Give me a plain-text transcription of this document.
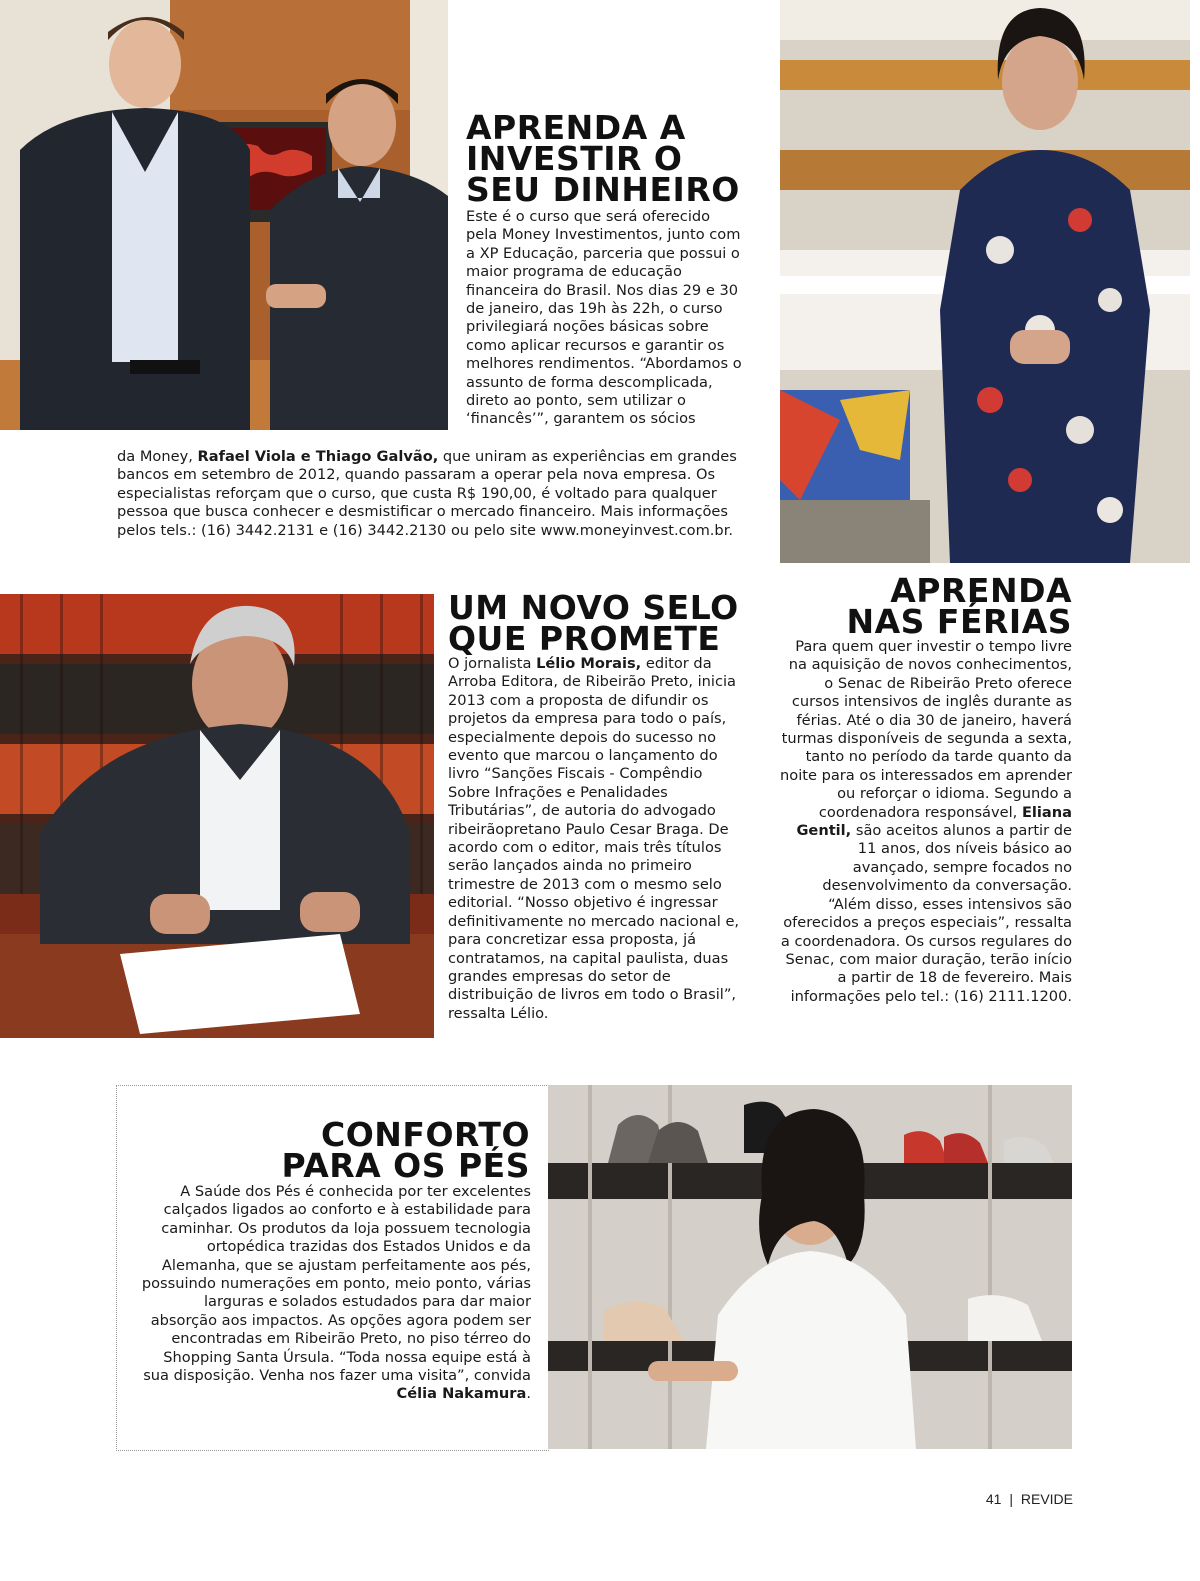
APRENDA A
INVESTIR O
SEU DINHEIRO

Este é o curso que será oferecido pela Money Investimentos, junto com a XP Educação, parceria que possui o maior programa de educação financeira do Brasil. Nos dias 29 e 30 de janeiro, das 19h às 22h, o curso privilegiará noções básicas sobre como aplicar recursos e garantir os melhores rendimentos. “Abordamos o assunto de forma descomplicada, direto ao ponto, sem utilizar o ‘financês’”, garantem os sócios

da Money, Rafael Viola e Thiago Galvão, que uniram as experiências em grandes bancos em setembro de 2012, quando passaram a operar pela nova empresa. Os especialistas reforçam que o curso, que custa R$ 190,00, é voltado para qualquer pessoa que busca conhecer e desmistificar o mercado financeiro. Mais informações pelos tels.: (16) 3442.2131 e (16) 3442.2130 ou pelo site www.moneyinvest.com.br.

UM NOVO SELO
QUE PROMETE

O jornalista Lélio Morais, editor da Arroba Editora, de Ribeirão Preto, inicia 2013 com a proposta de difundir os projetos da empresa para todo o país, especialmente depois do sucesso no evento que marcou o lançamento do livro “Sanções Fiscais - Compêndio Sobre Infrações e Penalidades Tributárias”, de autoria do advogado ribeirãopretano Paulo Cesar Braga. De acordo com o editor, mais três títulos serão lançados ainda no primeiro trimestre de 2013 com o mesmo selo editorial. “Nosso objetivo é ingressar definitivamente no mercado nacional e, para concretizar essa proposta, já contratamos, na capital paulista, duas grandes empresas do setor de distribuição de livros em todo o Brasil”, ressalta Lélio.

APRENDA
NAS FÉRIAS

Para quem quer investir o tempo livre na aquisição de novos conhecimentos, o Senac de Ribeirão Preto oferece cursos intensivos de inglês durante as férias. Até o dia 30 de janeiro, haverá turmas disponíveis de segunda a sexta, tanto no período da tarde quanto da noite para os interessados em aprender ou reforçar o idioma. Segundo a coordenadora responsável, Eliana Gentil, são aceitos alunos a partir de 11 anos, dos níveis básico ao avançado, sempre focados no desenvolvimento da conversação. “Além disso, esses intensivos são oferecidos a preços especiais”, ressalta a coordenadora. Os cursos regulares do Senac, com maior duração, terão início a partir de 18 de fevereiro. Mais informações pelo tel.: (16) 2111.1200.

CONFORTO
PARA OS PÉS

A Saúde dos Pés é conhecida por ter excelentes calçados ligados ao conforto e à estabilidade para caminhar. Os produtos da loja possuem tecnologia ortopédica trazidas dos Estados Unidos e da Alemanha, que se ajustam perfeitamente aos pés, possuindo numerações em ponto, meio ponto, várias larguras e solados estudados para dar maior absorção aos impactos. As opções agora podem ser encontradas em Ribeirão Preto, no piso térreo do Shopping Santa Úrsula. “Toda nossa equipe está à sua disposição. Venha nos fazer uma visita”, convida Célia Nakamura.

41 | REVIDE
